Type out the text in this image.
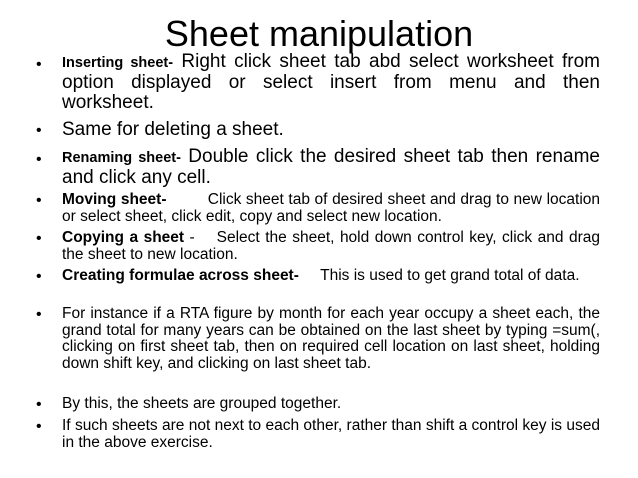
Sheet manipulation
• Inserting sheet- Right click sheet tab abd select worksheet from option displayed or select insert from menu and then worksheet.
• Same for deleting a sheet.
• Renaming sheet- Double click the desired sheet tab then rename and click any cell.
• Moving sheet-         Click sheet tab of desired sheet and drag to new location or select sheet, click edit, copy and select new location.
• Copying a sheet -    Select the sheet, hold down control key, click and drag the sheet to new location.
• Creating formulae across sheet-     This is used to get grand total of data.
• For instance if a RTA figure by month for each year occupy a sheet each, the grand total for many years can be obtained on the last sheet by typing =sum(, clicking on first sheet tab, then on required cell location on last sheet, holding down shift key, and clicking on last sheet tab.
• By this, the sheets are grouped together.
• If such sheets are not next to each other, rather than shift a control key is used in the above exercise.
